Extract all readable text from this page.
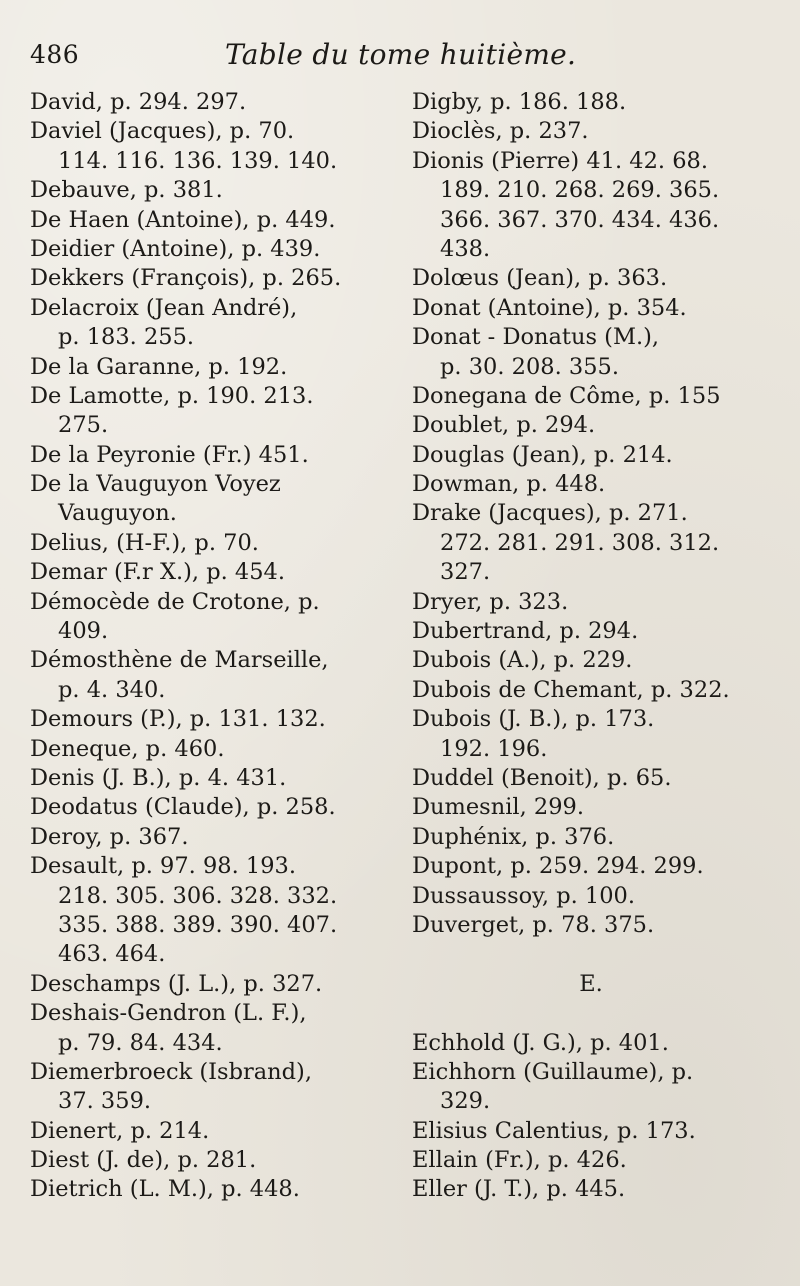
486	Table du tome huitième.
David, p. 294. 297.
Daviel (Jacques), p. 70.
114. 116. 136. 139. 140.
Debauve, p. 381.
De Haen (Antoine), p. 449.
Deidier (Antoine), p. 439.
Dekkers (François), p. 265.
Delacroix (Jean André),
p. 183. 255.
De la Garanne, p. 192.
De Lamotte, p. 190. 213.
275.
De la Peyronie (Fr.) 451.
De la Vauguyon Voyez
Vauguyon.
Delius, (H-F.), p. 70.
Demar (F.r X.), p. 454.
Démocède de Crotone, p.
409.
Démosthène de Marseille,
p. 4. 340.
Demours (P.), p. 131. 132.
Deneque, p. 460.
Denis (J. B.), p. 4. 431.
Deodatus (Claude), p. 258.
Deroy, p. 367.
Desault, p. 97. 98. 193.
218. 305. 306. 328. 332.
335. 388. 389. 390. 407.
463. 464.
Deschamps (J. L.), p. 327.
Deshais-Gendron (L. F.),
p. 79. 84. 434.
Diemerbroeck (Isbrand),
37. 359.
Dienert, p. 214.
Diest (J. de), p. 281.
Dietrich (L. M.), p. 448.
Digby, p. 186. 188.
Dioclès, p. 237.
Dionis (Pierre) 41. 42. 68.
189. 210. 268. 269. 365.
366. 367. 370. 434. 436.
438.
Dolœus (Jean), p. 363.
Donat (Antoine), p. 354.
Donat - Donatus (M.),
p. 30. 208. 355.
Donegana de Côme, p. 155
Doublet, p. 294.
Douglas (Jean), p. 214.
Dowman, p. 448.
Drake (Jacques), p. 271.
272. 281. 291. 308. 312.
327.
Dryer, p. 323.
Dubertrand, p. 294.
Dubois (A.), p. 229.
Dubois de Chemant, p. 322.
Dubois (J. B.), p. 173.
192. 196.
Duddel (Benoit), p. 65.
Dumesnil, 299.
Duphénix, p. 376.
Dupont, p. 259. 294. 299.
Dussaussoy, p. 100.
Duverget, p. 78. 375.
E.
Echhold (J. G.), p. 401.
Eichhorn (Guillaume), p.
329.
Elisius Calentius, p. 173.
Ellain (Fr.), p. 426.
Eller (J. T.), p. 445.
